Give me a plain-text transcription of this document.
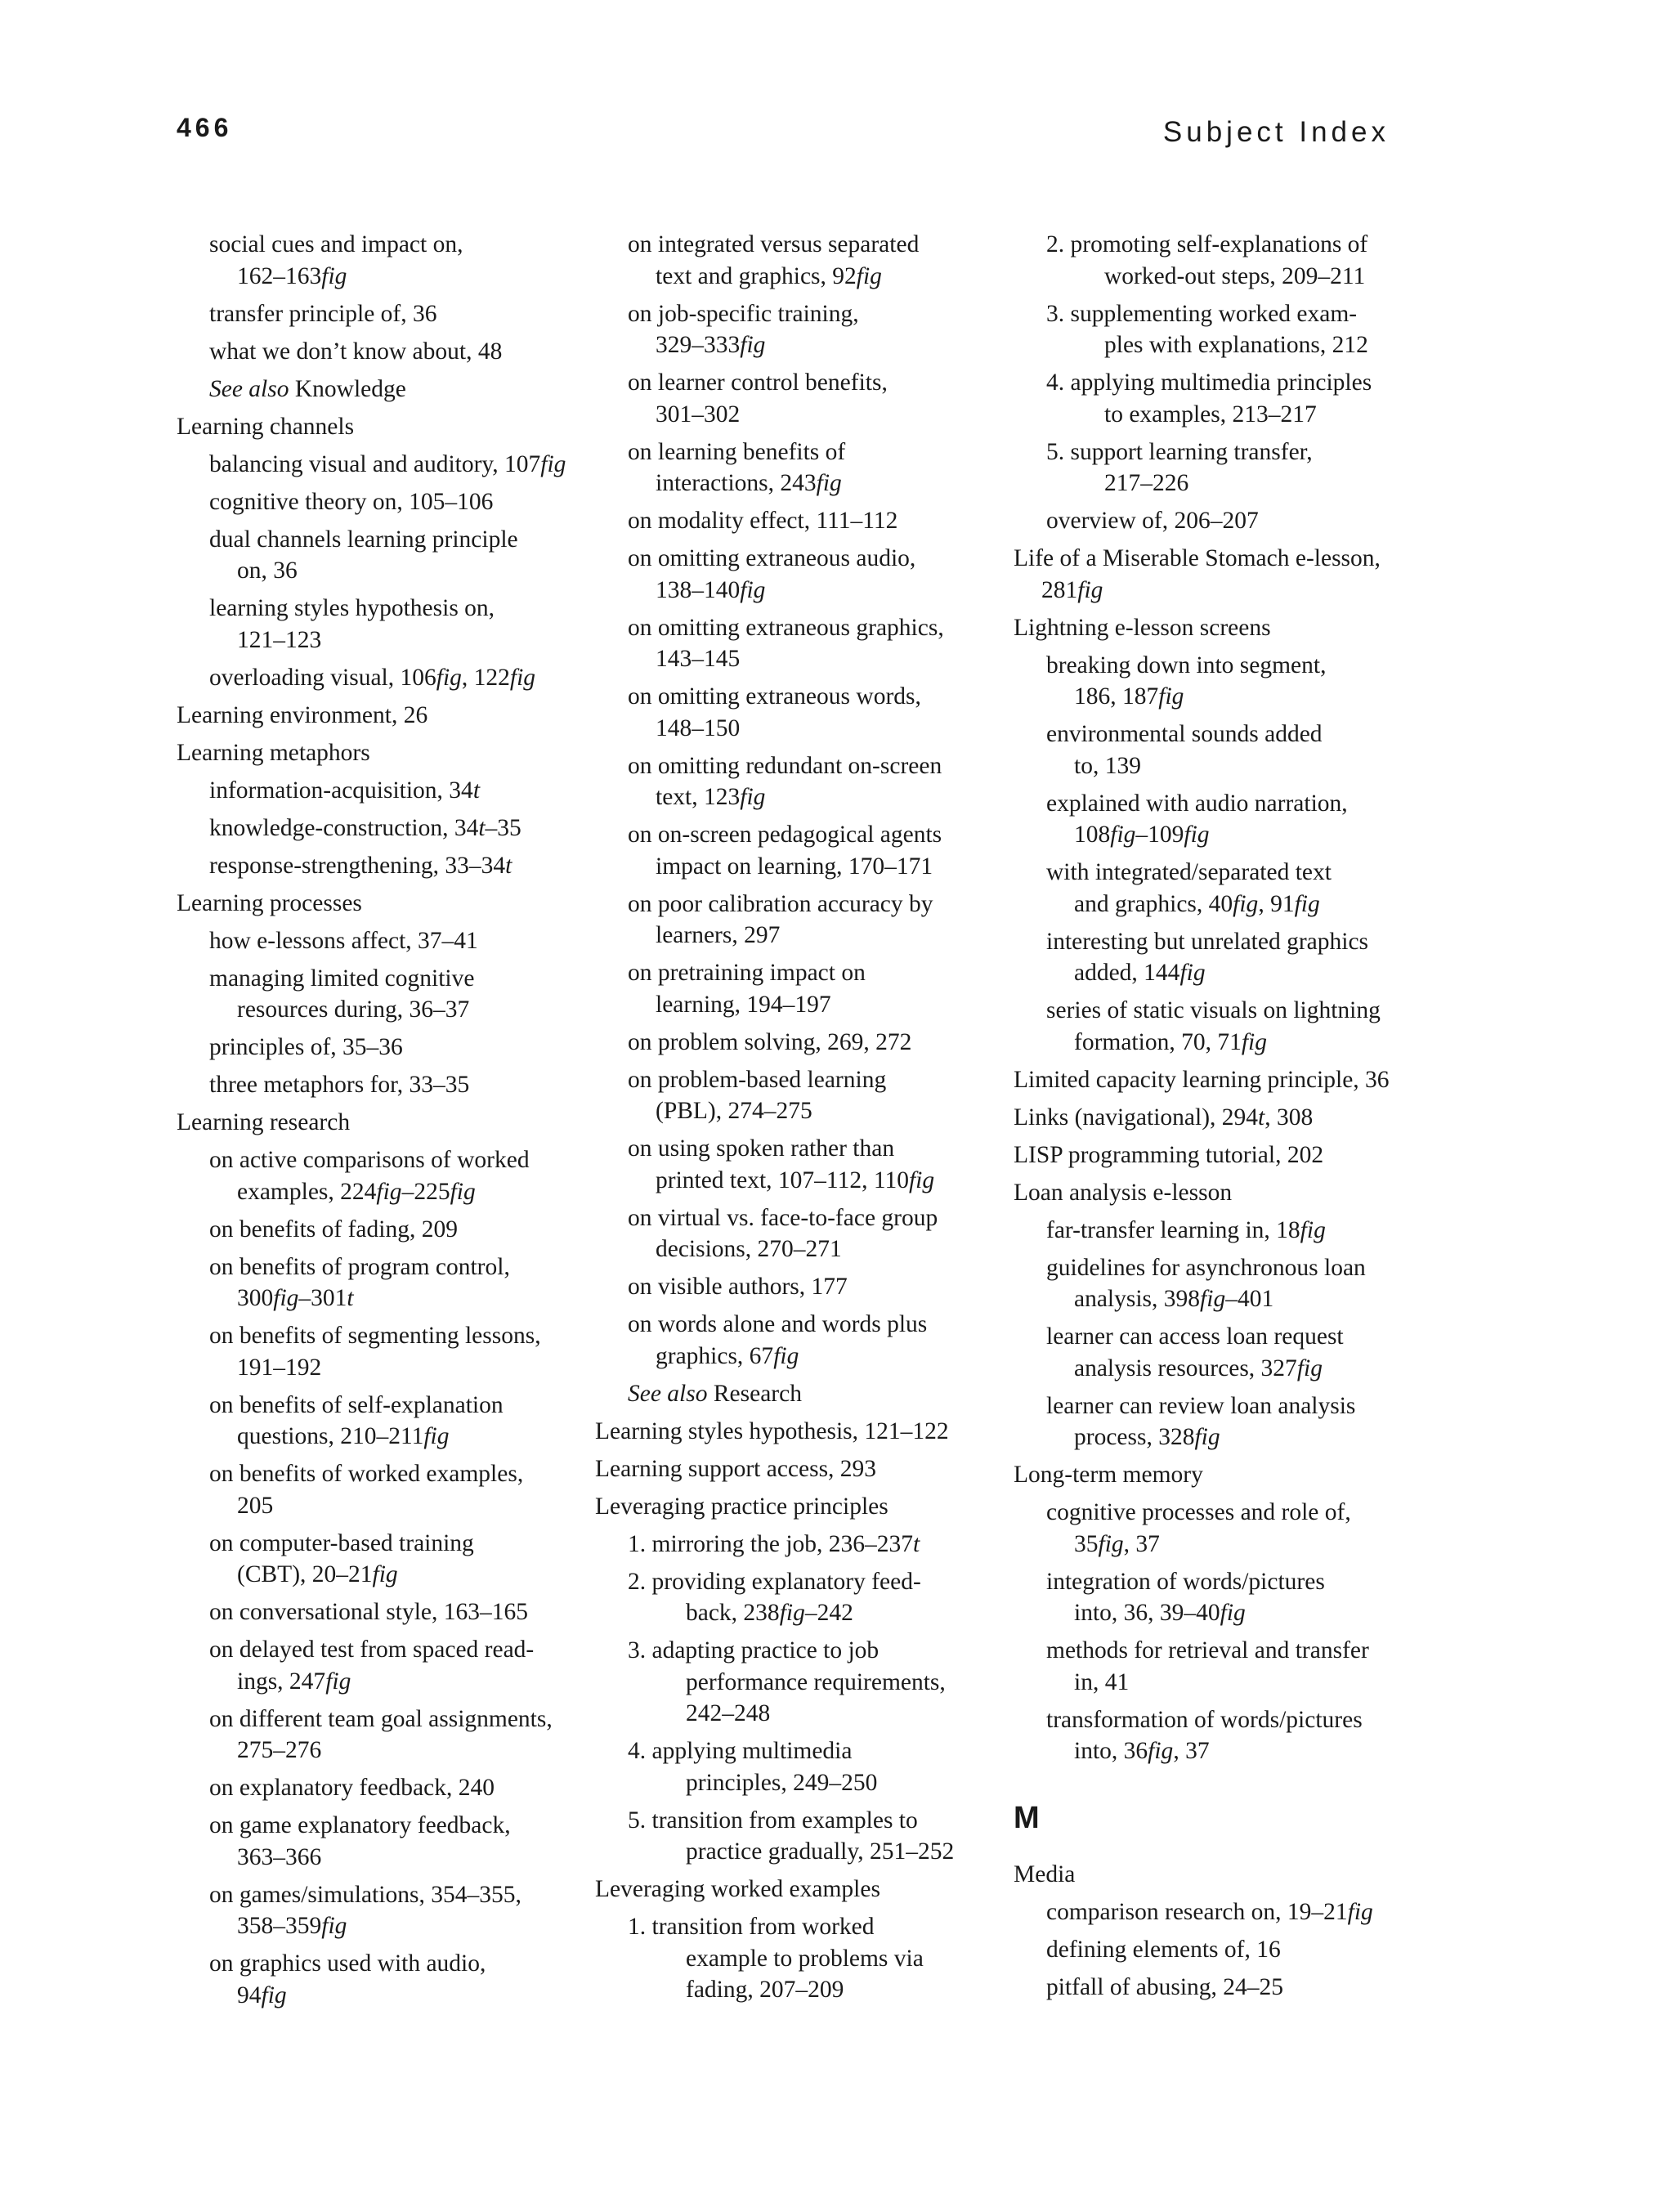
466	Subject Index
social cues and impact on,
162–163fig
transfer principle of, 36
what we don’t know about, 48
See also Knowledge
Learning channels
balancing visual and auditory, 107fig
cognitive theory on, 105–106
dual channels learning principle
on, 36
learning styles hypothesis on,
121–123
overloading visual, 106fig, 122fig
Learning environment, 26
Learning metaphors
information-acquisition, 34t
knowledge-construction, 34t–35
response-strengthening, 33–34t
Learning processes
how e-lessons affect, 37–41
managing limited cognitive
resources during, 36–37
principles of, 35–36
three metaphors for, 33–35
Learning research
on active comparisons of worked
examples, 224fig–225fig
on benefits of fading, 209
on benefits of program control,
300fig–301t
on benefits of segmenting lessons,
191–192
on benefits of self-explanation
questions, 210–211fig
on benefits of worked examples,
205
on computer-based training
(CBT), 20–21fig
on conversational style, 163–165
on delayed test from spaced read-
ings, 247fig
on different team goal assignments,
275–276
on explanatory feedback, 240
on game explanatory feedback,
363–366
on games/simulations, 354–355,
358–359fig
on graphics used with audio,
94fig
on integrated versus separated
text and graphics, 92fig
on job-specific training,
329–333fig
on learner control benefits,
301–302
on learning benefits of
interactions, 243fig
on modality effect, 111–112
on omitting extraneous audio,
138–140fig
on omitting extraneous graphics,
143–145
on omitting extraneous words,
148–150
on omitting redundant on-screen
text, 123fig
on on-screen pedagogical agents
impact on learning, 170–171
on poor calibration accuracy by
learners, 297
on pretraining impact on
learning, 194–197
on problem solving, 269, 272
on problem-based learning
(PBL), 274–275
on using spoken rather than
printed text, 107–112, 110fig
on virtual vs. face-to-face group
decisions, 270–271
on visible authors, 177
on words alone and words plus
graphics, 67fig
See also Research
Learning styles hypothesis, 121–122
Learning support access, 293
Leveraging practice principles
1. mirroring the job, 236–237t
2. providing explanatory feed-
back, 238fig–242
3. adapting practice to job
performance requirements,
242–248
4. applying multimedia
principles, 249–250
5. transition from examples to
practice gradually, 251–252
Leveraging worked examples
1. transition from worked
example to problems via
fading, 207–209
2. promoting self-explanations of
worked-out steps, 209–211
3. supplementing worked exam-
ples with explanations, 212
4. applying multimedia principles
to examples, 213–217
5. support learning transfer,
217–226
overview of, 206–207
Life of a Miserable Stomach e-lesson,
281fig
Lightning e-lesson screens
breaking down into segment,
186, 187fig
environmental sounds added
to, 139
explained with audio narration,
108fig–109fig
with integrated/separated text
and graphics, 40fig, 91fig
interesting but unrelated graphics
added, 144fig
series of static visuals on lightning
formation, 70, 71fig
Limited capacity learning principle, 36
Links (navigational), 294t, 308
LISP programming tutorial, 202
Loan analysis e-lesson
far-transfer learning in, 18fig
guidelines for asynchronous loan
analysis, 398fig–401
learner can access loan request
analysis resources, 327fig
learner can review loan analysis
process, 328fig
Long-term memory
cognitive processes and role of,
35fig, 37
integration of words/pictures
into, 36, 39–40fig
methods for retrieval and transfer
in, 41
transformation of words/pictures
into, 36fig, 37
M
Media
comparison research on, 19–21fig
defining elements of, 16
pitfall of abusing, 24–25
